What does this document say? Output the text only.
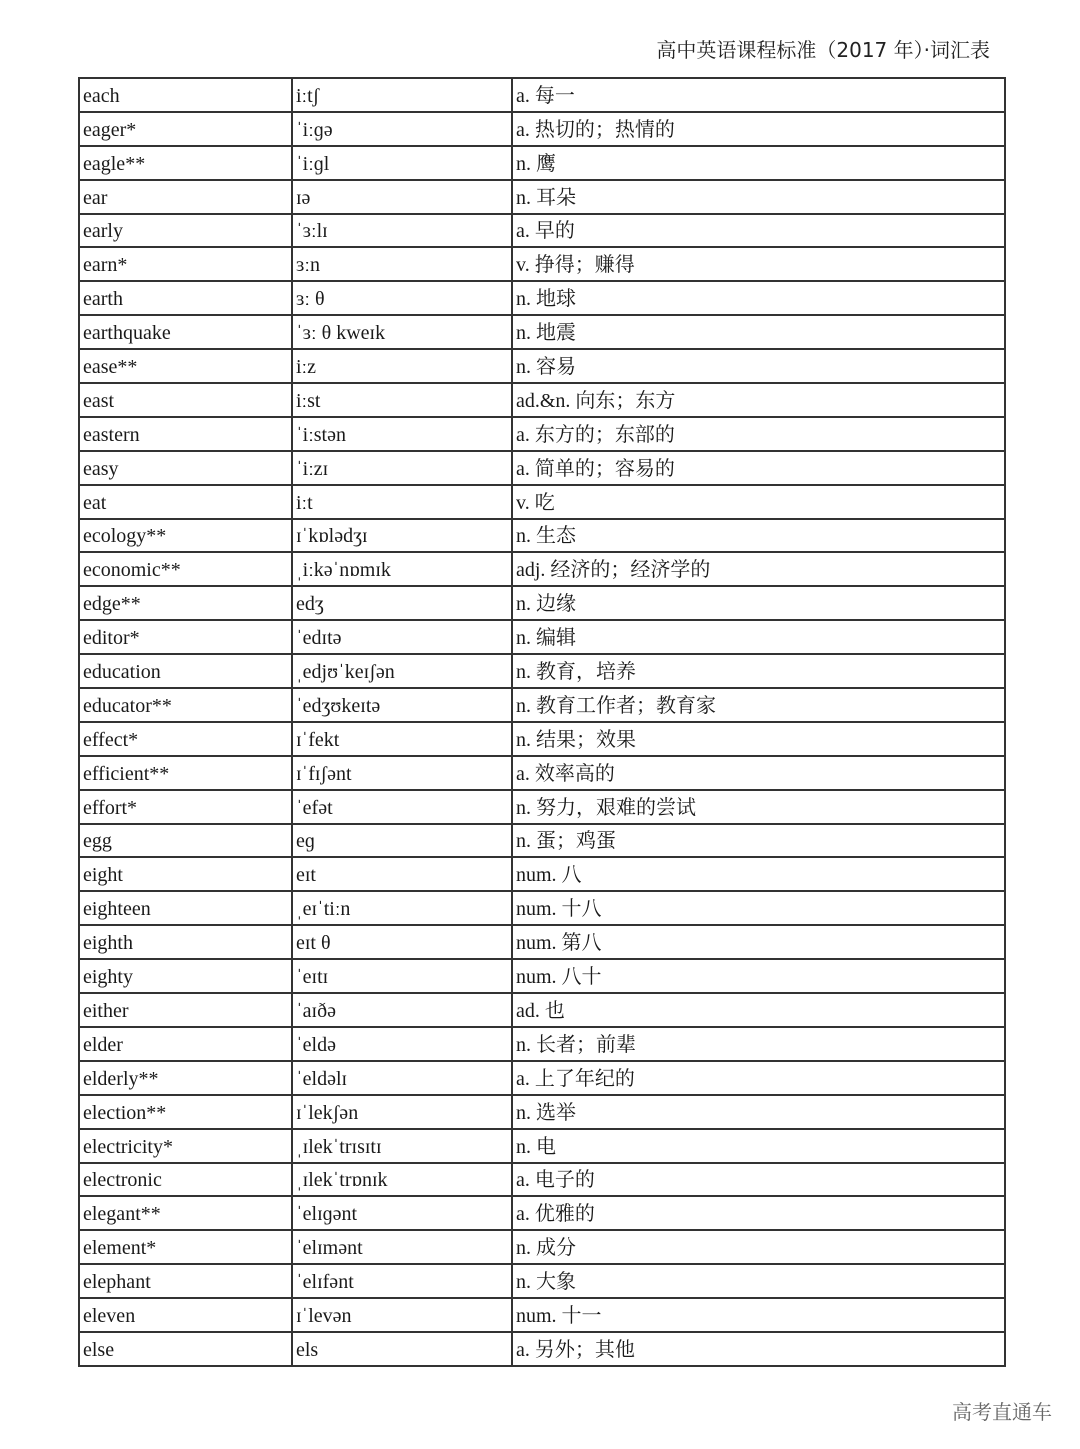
高中英语课程标准（2017 年）·词汇表
each	iːtʃ	a. 每一
eager*	ˈiːɡə	a. 热切的；热情的
eagle**	ˈiːɡl	n. 鹰
ear	ɪə	n. 耳朵
early	ˈɜːlɪ	a. 早的
earn*	ɜːn	v. 挣得；赚得
earth	ɜː θ	n. 地球
earthquake	ˈɜː θ kweɪk	n. 地震
ease**	iːz	n. 容易
east	iːst	ad.&n. 向东；东方
eastern	ˈiːstən	a. 东方的；东部的
easy	ˈiːzɪ	a. 简单的；容易的
eat	iːt	v. 吃
ecology**	ɪˈkɒlədʒɪ	n. 生态
economic**	ˌiːkəˈnɒmɪk	adj. 经济的；经济学的
edge**	edʒ	n. 边缘
editor*	ˈedɪtə	n. 编辑
education	ˌedjʊˈkeɪʃən	n. 教育，培养
educator**	ˈedʒʊkeɪtə	n. 教育工作者；教育家
effect*	ɪˈfekt	n. 结果；效果
efficient**	ɪˈfɪʃənt	a. 效率高的
effort*	ˈefət	n. 努力，艰难的尝试
egg	eɡ	n. 蛋；鸡蛋
eight	eɪt	num. 八
eighteen	ˌeɪˈtiːn	num. 十八
eighth	eɪt θ	num. 第八
eighty	ˈeɪtɪ	num. 八十
either	ˈaɪðə	ad. 也
elder	ˈeldə	n. 长者；前辈
elderly**	ˈeldəlɪ	a. 上了年纪的
election**	ɪˈlekʃən	n. 选举
electricity*	ˌɪlekˈtrɪsɪtɪ	n. 电
electronic	ˌɪlekˈtrɒnɪk	a. 电子的
elegant**	ˈelɪɡənt	a. 优雅的
element*	ˈelɪmənt	n. 成分
elephant	ˈelɪfənt	n. 大象
eleven	ɪˈlevən	num. 十一
else	els	a. 另外；其他
高考直通车
